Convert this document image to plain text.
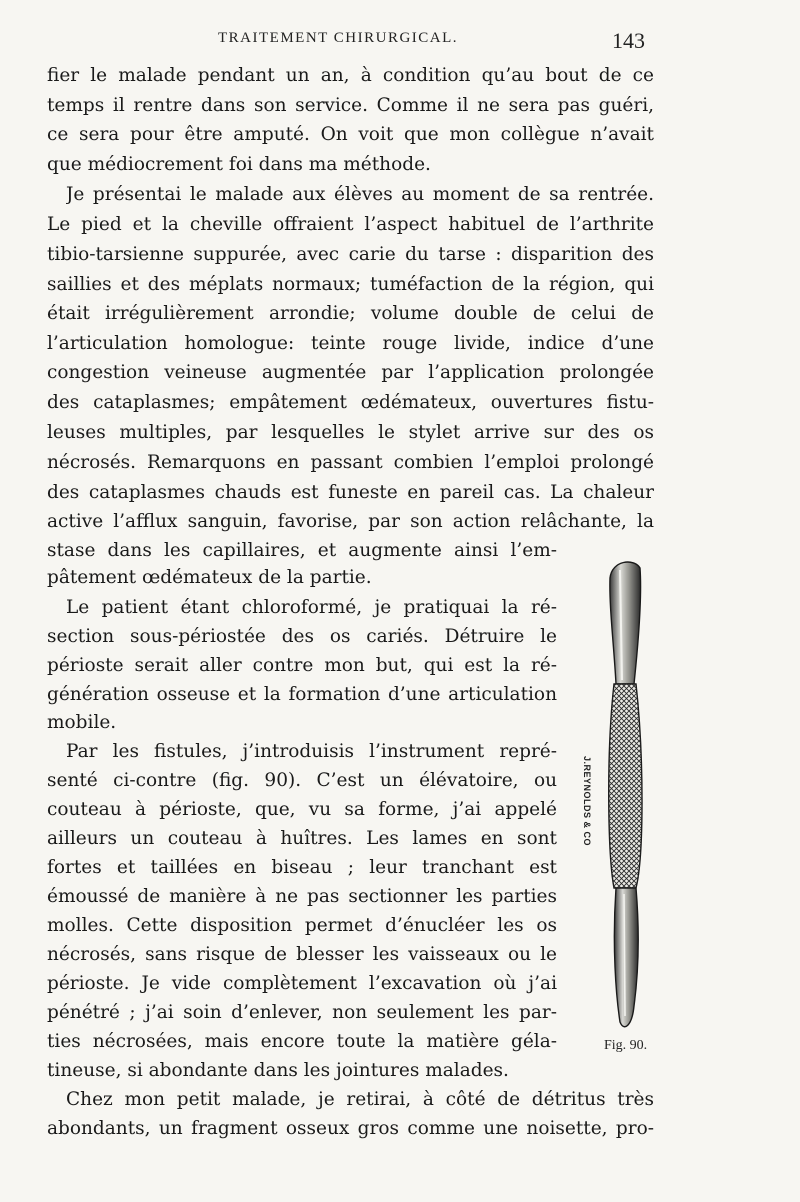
TRAITEMENT CHIRURGICAL.	143
fier le malade pendant un an, à condition qu’au bout de ce
temps il rentre dans son service. Comme il ne sera pas guéri,
ce sera pour être amputé. On voit que mon collègue n’avait
que médiocrement foi dans ma méthode.
Je présentai le malade aux élèves au moment de sa rentrée.
Le pied et la cheville offraient l’aspect habituel de l’arthrite
tibio-tarsienne suppurée, avec carie du tarse : disparition des
saillies et des méplats normaux; tuméfaction de la région, qui
était irrégulièrement arrondie; volume double de celui de
l’articulation homologue: teinte rouge livide, indice d’une
congestion veineuse augmentée par l’application prolongée
des cataplasmes; empâtement œdémateux, ouvertures fistu-
leuses multiples, par lesquelles le stylet arrive sur des os
nécrosés. Remarquons en passant combien l’emploi prolongé
des cataplasmes chauds est funeste en pareil cas. La chaleur
active l’afflux sanguin, favorise, par son action relâchante, la
stase dans les capillaires, et augmente ainsi l’em-
pâtement œdémateux de la partie.
Le patient étant chloroformé, je pratiquai la ré-
section sous-périostée des os cariés. Détruire le
périoste serait aller contre mon but, qui est la ré-
génération osseuse et la formation d’une articulation
mobile.
Par les fistules, j’introduisis l’instrument repré-
senté ci-contre (fig. 90). C’est un élévatoire, ou
couteau à périoste, que, vu sa forme, j’ai appelé
ailleurs un couteau à huîtres. Les lames en sont
fortes et taillées en biseau ; leur tranchant est
émoussé de manière à ne pas sectionner les parties
molles. Cette disposition permet d’énucléer les os
nécrosés, sans risque de blesser les vaisseaux ou le
périoste. Je vide complètement l’excavation où j’ai
pénétré ; j’ai soin d’enlever, non seulement les par-
ties nécrosées, mais encore toute la matière géla-
tineuse, si abondante dans les jointures malades.
Chez mon petit malade, je retirai, à côté de détritus très
abondants, un fragment osseux gros comme une noisette, pro-
J.REYNOLDS & CO
Fig. 90.
